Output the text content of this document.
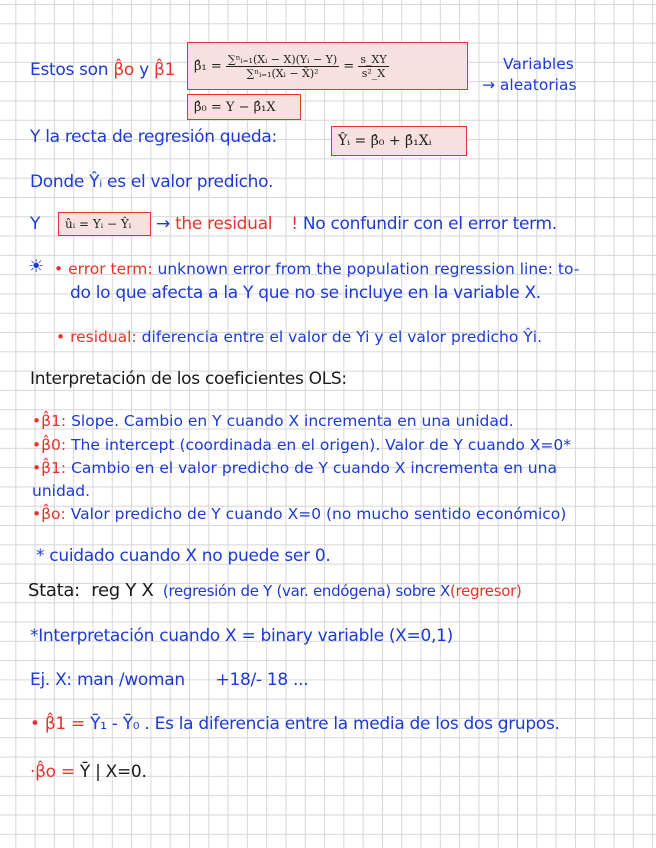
Estos son β̂o y β̂1 β̂₁ =
$\frac{\text{∑ⁿᵢ₌₁(Xᵢ − X)(Yᵢ − Y)}}{\text{∑ⁿᵢ₌₁(Xᵢ − X̄)²}}$
=
$\frac{s\_XY}{\text{s²\_X}}$
β̂₀ = Y − β̂₁X
Variables
→ aleatorias
Y la recta de regresión queda:	Ŷᵢ = β̂₀ + β̂₁Xᵢ
Donde Ŷᵢ es el valor predicho.
Y ûᵢ = Yᵢ − Ŷᵢ → the residual ! No confundir con el error term.
☀ • error term: unknown error from the population regression line: to-
do lo que afecta a la Y que no se incluye en la variable X.
• residual: diferencia entre el valor de Yi y el valor predicho Ŷi.
Interpretación de los coeficientes OLS:
•β̂1: Slope. Cambio en Y cuando X incrementa en una unidad.
•β̂0: The intercept (coordinada en el origen). Valor de Y cuando X=0*
•β̂1: Cambio en el valor predicho de Y cuando X incrementa en una
unidad.
•β̂o: Valor predicho de Y cuando X=0 (no mucho sentido económico)
* cuidado cuando X no puede ser 0.
Stata: reg Y X (regresión de Y (var. endógena) sobre X(regresor)
*Interpretación cuando X = binary variable (X=0,1)
Ej. X: man /woman      +18/- 18 ...
• β̂1 = Ȳ₁ - Ȳ₀ . Es la diferencia entre la media de los dos grupos.
·β̂o = Ȳ | X=0.
